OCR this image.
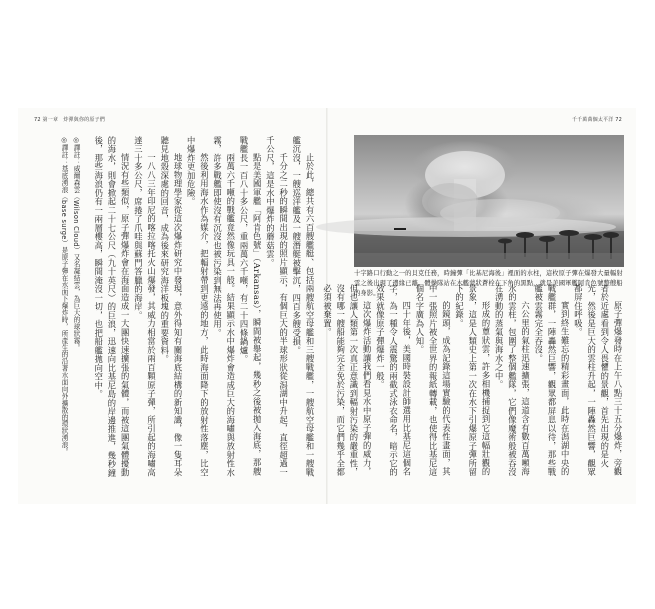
72 第一章　炸彈與你的原子們	千千萬萬個太平洋 72

止於此，總共有六百艘艦艇、包括兩艘航空母艦和三艘戰艦，一艘航空母艦和一艘戰艦沉沒，一艘巡洋艦及一艘潛艇被擊沉，四百多艘受損。

千分之二秒的瞬間出現的照片顯示，有個巨大的半球形狀從潟湖中升起，直徑超過一千公尺，這是水中爆炸的蘑菇雲。

點是美國軍艦「阿肯色號」（Arkansas），瞬間被舉起，幾秒之後被拋入海底，那艘戰艦長一百八十多公尺，重兩萬六千噸，有二十四條鍋爐。

兩萬六千噸的戰艦竟然像玩具一般。結果顯示水中爆炸會造成巨大的海嘯與放射性水霧，許多戰艦即使沒有沉沒也被污染到無法再使用。

然後利用海水作為媒介，把輻射帶到更遠的地方，此時海面降下的放射性落塵，比空中爆炸更加危險。

地球物理學家從這次爆炸研究中發現，意外得知有關海底結構的新知識，像一隻耳朵聽見地殼深處的回音，成為後來研究海洋板塊的重要資料。

一八八三年印尼的喀拉喀托火山爆發，其威力相當於兩百顆原子彈，所引起的海嘯高達三十多公尺，席捲了爪哇與蘇門答臘的海岸。

情況有些類似，原子彈爆炸會在海面造成一大團快速擴張的氣體，而被這團氣體擾動的海水，則會掀起二十七公尺（九十英尺）的巨浪，迅速向比基尼島的岸邊推進，幾秒鐘後，那些海浪仍有一兩層樓高，瞬間淹沒一切，也把船艦拋向空中。

◎譯註：威爾森雲（Wilson Cloud）又名凝結雲，為巨大的球狀霧。

◎譯註：基底湧浪（base surge）是原子彈在水面下爆炸時，所產生的沿著水面向外擴散的環狀湧浪。	十字路口行動之一的貝克任務，時鐘彈「比基尼海後」裡面的水柱，這枚原子彈在爆發大量輻射雲之後出現了邊緣已離。體操隊站在木艦蒙狀蒼栓在下角的黑點，就是美國軍艦阿肯色號整艘船的身影。

原子彈爆發時在上午八點三十五分爆炸，旁觀者於近處看到令人畏懼的景觀，首先出現的是火光，然後是巨大的雲柱升起，一陣轟然巨響，觀眾都屏住呼吸。

實到終生難忘的精彩畫面，此時在潟湖中央的戰艦群，一陣轟然巨響，觀眾都屏息以待，那些戰艦被雲霧完全吞沒。

六公里的氣柱迅速擴張，這道含有數百萬噸海水的雲柱，包圍了整個艦隊，它們像魔術般被吞沒在湧動的蒸氣與海水之中。

形成的蕈狀雲，許多相機捕捉到它這幅壯觀的景象，這是人類史上第一次在水下引爆原子彈所留下的紀錄。

的鏡頭，成為記錄這場實驗的代表性畫面，其中一張照片被全世界的報紙轉載，也使得比基尼這個名字廣為人知。

四十年後，美國時裝設計師選用比基尼這個名字，為一種令人震驚的兩截式泳衣命名，暗示它的效果就像原子彈爆炸一般。

這次爆炸活動讓我們看見水中原子彈的威力，但也讓人類第一次真正意識到輻射污染的嚴重性，沒有哪一艘船能夠完全免於污染，而它們幾乎全都必須被棄置。
